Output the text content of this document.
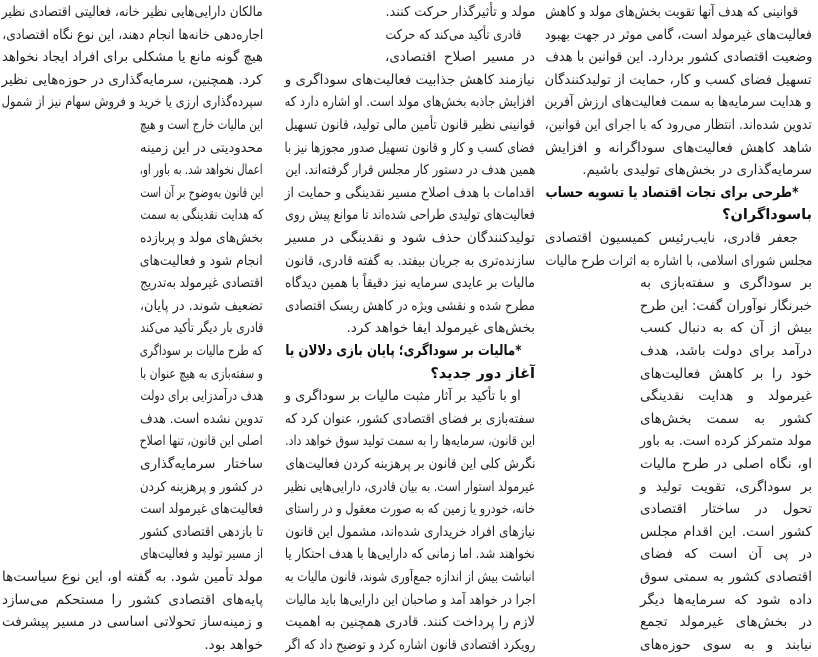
قوانینی که هدف آنها تقویت بخش‌های مولد و کاهش
فعالیت‌های غیرمولد است، گامی موثر در جهت بهبود
وضعیت اقتصادی کشور بردارد. این قوانین با هدف
تسهیل فضای کسب و کار، حمایت از تولیدکنندگان
و هدایت سرمایه‌ها به سمت فعالیت‌های ارزش آفرین
تدوین شده‌اند. انتظار می‌رود که با اجرای این قوانین،
شاهد کاهش فعالیت‌های سوداگرانه و افزایش
سرمایه‌گذاری در بخش‌های تولیدی باشیم.
*طرحی برای نجات اقتصاد یا تسویه حساب
باسوداگران؟
جعفر قادری، نایب‌رئیس کمیسیون اقتصادی
مجلس شورای اسلامی، با اشاره به اثرات طرح مالیات
بر سوداگری و سفته‌بازی به
خبرنگار نوآوران گفت: این طرح
بیش از آن که به دنبال کسب
درآمد برای دولت باشد، هدف
خود را بر کاهش فعالیت‌های
غیرمولد و هدایت نقدینگی
کشور به سمت بخش‌های
مولد متمرکز کرده است. به باور
او، نگاه اصلی در طرح مالیات
بر سوداگری، تقویت تولید و
تحول در ساختار اقتصادی
کشور است. این اقدام مجلس
در پی آن است که فضای
اقتصادی کشور به سمتی سوق
داده شود که سرمایه‌ها دیگر
در بخش‌های غیرمولد تجمع
نیابند و به سوی حوزه‌های
مولد و تأثیرگذار حرکت کنند.
قادری تأکید می‌کند که حرکت
در مسیر اصلاح اقتصادی،
نیازمند کاهش جذابیت فعالیت‌های سوداگری و
افزایش جاذبه بخش‌های مولد است. او اشاره دارد که
قوانینی نظیر قانون تأمین مالی تولید، قانون تسهیل
فضای کسب و کار و قانون تسهیل صدور مجوزها نیز با
همین هدف در دستور کار مجلس قرار گرفته‌اند. این
اقدامات با هدف اصلاح مسیر نقدینگی و حمایت از
فعالیت‌های تولیدی طراحی شده‌اند تا موانع پیش روی
تولیدکنندگان حذف شود و نقدینگی در مسیر
سازنده‌تری به جریان بیفتد. به گفته قادری، قانون
مالیات بر عایدی سرمایه نیز دقیقاً با همین دیدگاه
مطرح شده و نقشی ویژه در کاهش ریسک اقتصادی
بخش‌های غیرمولد ایفا خواهد کرد.
*مالیات بر سوداگری؛ پایان بازی دلالان یا
آغاز دور جدید؟
او با تأکید بر آثار مثبت مالیات بر سوداگری و
سفته‌بازی بر فضای اقتصادی کشور، عنوان کرد که
این قانون، سرمایه‌ها را به سمت تولید سوق خواهد داد.
نگرش کلی این قانون بر پرهزینه کردن فعالیت‌های
غیرمولد استوار است. به بیان قادری، دارایی‌هایی نظیر
خانه، خودرو یا زمین که به صورت معقول و در راستای
نیازهای افراد خریداری شده‌اند، مشمول این قانون
نخواهند شد. اما زمانی که دارایی‌ها با هدف احتکار یا
انباشت بیش از اندازه جمع‌آوری شوند، قانون مالیات به
اجرا در خواهد آمد و صاحبان این دارایی‌ها باید مالیات
لازم را پرداخت کنند. قادری همچنین به اهمیت
رویکرد اقتصادی قانون اشاره کرد و توضیح داد که اگر
مالکان دارایی‌هایی نظیر خانه، فعالیتی اقتصادی نظیر
اجاره‌دهی خانه‌ها انجام دهند، این نوع نگاه اقتصادی،
هیچ گونه مانع یا مشکلی برای افراد ایجاد نخواهد
کرد. همچنین، سرمایه‌گذاری در حوزه‌هایی نظیر
سپرده‌گذاری ارزی یا خرید و فروش سهام نیز از شمول
این مالیات خارج است و هیچ
محدودیتی در این زمینه
اعمال نخواهد شد. به باور او،
این قانون به‌وضوح بر آن است
که هدایت نقدینگی به سمت
بخش‌های مولد و پربازده
انجام شود و فعالیت‌های
اقتصادی غیرمولد به‌تدریج
تضعیف شوند. در پایان،
قادری بار دیگر تأکید می‌کند
که طرح مالیات بر سوداگری
و سفته‌بازی به هیچ عنوان با
هدف درآمدزایی برای دولت
تدوین نشده است. هدف
اصلی این قانون، تنها اصلاح
ساختار سرمایه‌گذاری
در کشور و پرهزینه کردن
فعالیت‌های غیرمولد است
تا بازدهی اقتصادی کشور
از مسیر تولید و فعالیت‌های
مولد تأمین شود. به گفته او، این نوع سیاست‌ها
پایه‌های اقتصادی کشور را مستحکم می‌سازد
و زمینه‌ساز تحولاتی اساسی در مسیر پیشرفت
خواهد بود.
